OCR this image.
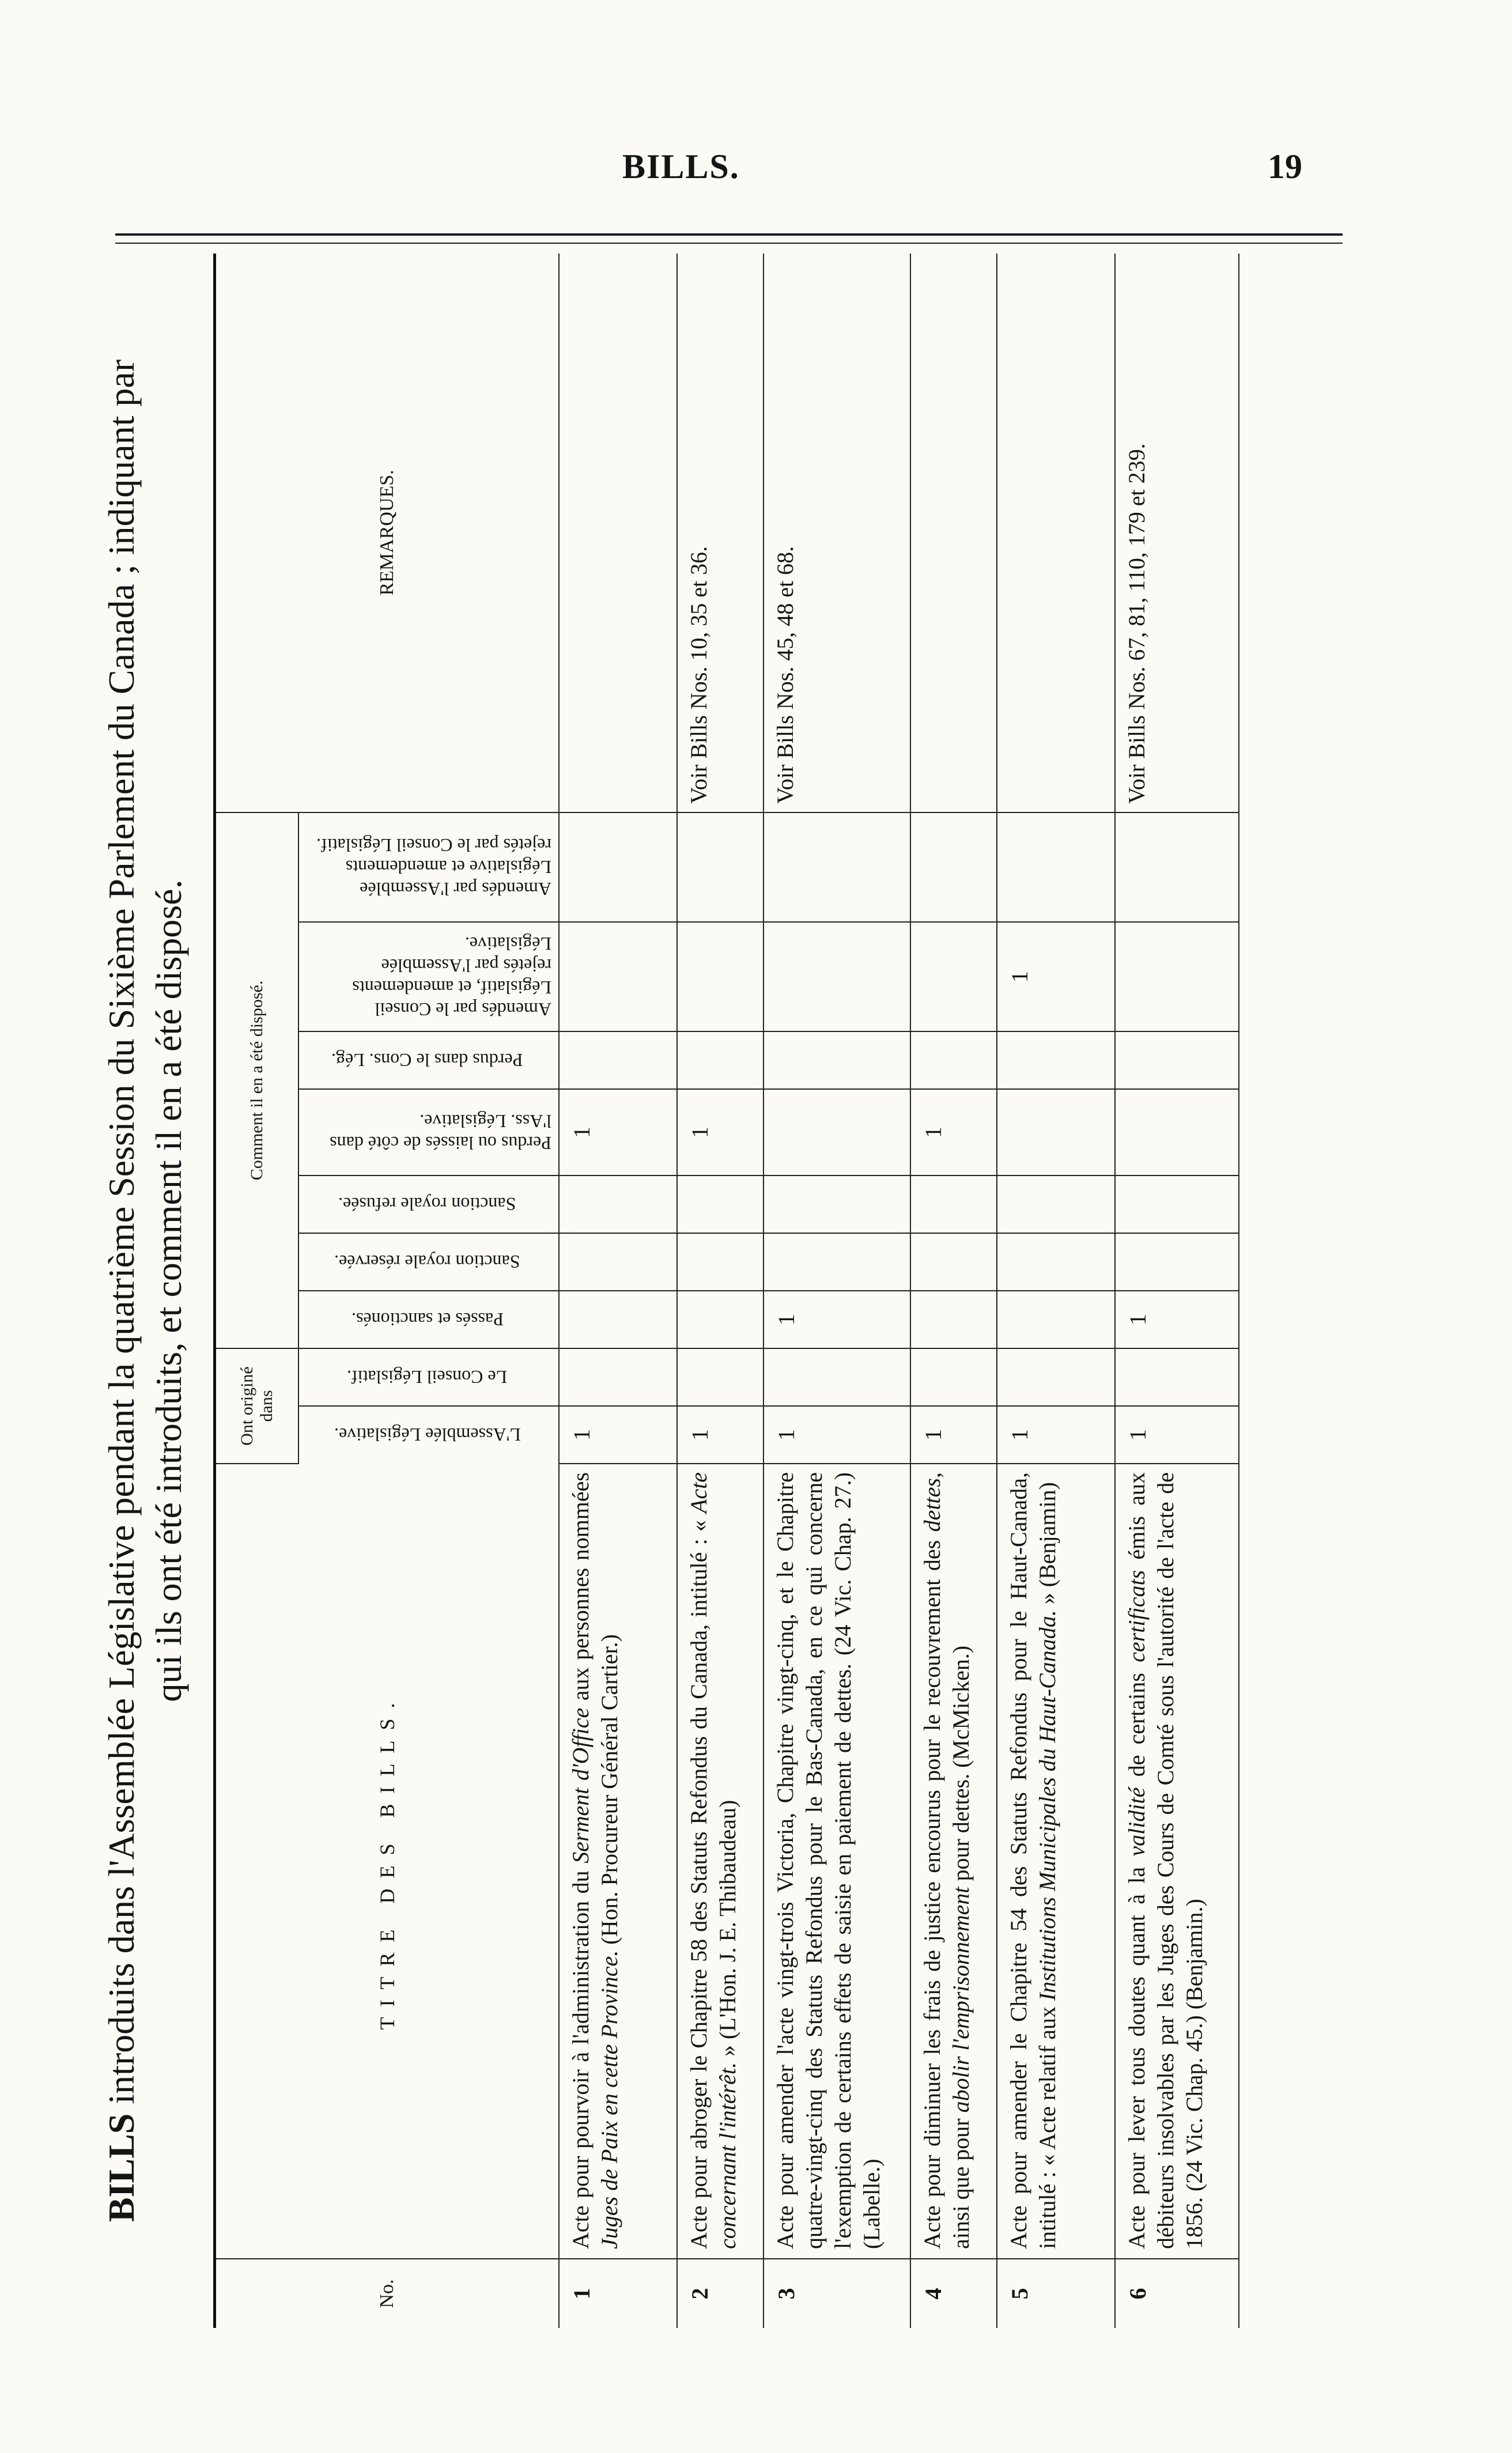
BILLS.	19
BILLS introduits dans l'Assemblée Législative pendant la quatrième Session du Sixième Parlement du Canada ; indiquant par qui ils ont été introduits, et comment il en a été disposé.
No.	TITRE DES BILLS.	Ont originé dans		Comment il en a été disposé.							REMARQUES.
		L'Assemblée Législative.	Le Conseil Législatif.	Passés et sanctionés.	Sanction royale réservée.	Sanction royale refusée.	Perdus ou laissés de côté dans l'Ass. Législative.	Perdus dans le Cons. Lég.	Amendés par le Conseil Législatif, et amendements rejetés par l'Assemblée Législative.	Amendés par l'Assemblée Législative et amendements rejetés par le Conseil Législatif.	
1	Acte pour pourvoir à l'administration du Serment d'Office aux personnes nommées Juges de Paix en cette Province. (Hon. Procureur Général Cartier.)	1					1				
2	Acte pour abroger le Chapitre 58 des Statuts Refondus du Canada, intitulé : « Acte concernant l'intérêt. » (L'Hon. J. E. Thibaudeau)	1					1				Voir Bills Nos. 10, 35 et 36.
3	Acte pour amender l'acte vingt-trois Victoria, Chapitre vingt-cinq, et le Chapitre quatre-vingt-cinq des Statuts Refondus pour le Bas-Canada, en ce qui concerne l'exemption de certains effets de saisie en paiement de dettes. (24 Vic. Chap. 27.) (Labelle.)	1		1							Voir Bills Nos. 45, 48 et 68.
4	Acte pour diminuer les frais de justice encourus pour le recouvrement des dettes, ainsi que pour abolir l'emprisonnement pour dettes. (McMicken.)	1					1				
5	Acte pour amender le Chapitre 54 des Statuts Refondus pour le Haut-Canada, intitulé : « Acte relatif aux Institutions Municipales du Haut-Canada. » (Benjamin)	1							1		
6	Acte pour lever tous doutes quant à la validité de certains certificats émis aux débiteurs insolvables par les Juges des Cours de Comté sous l'autorité de l'acte de 1856. (24 Vic. Chap. 45.) (Benjamin.)	1		1							Voir Bills Nos. 67, 81, 110, 179 et 239.
